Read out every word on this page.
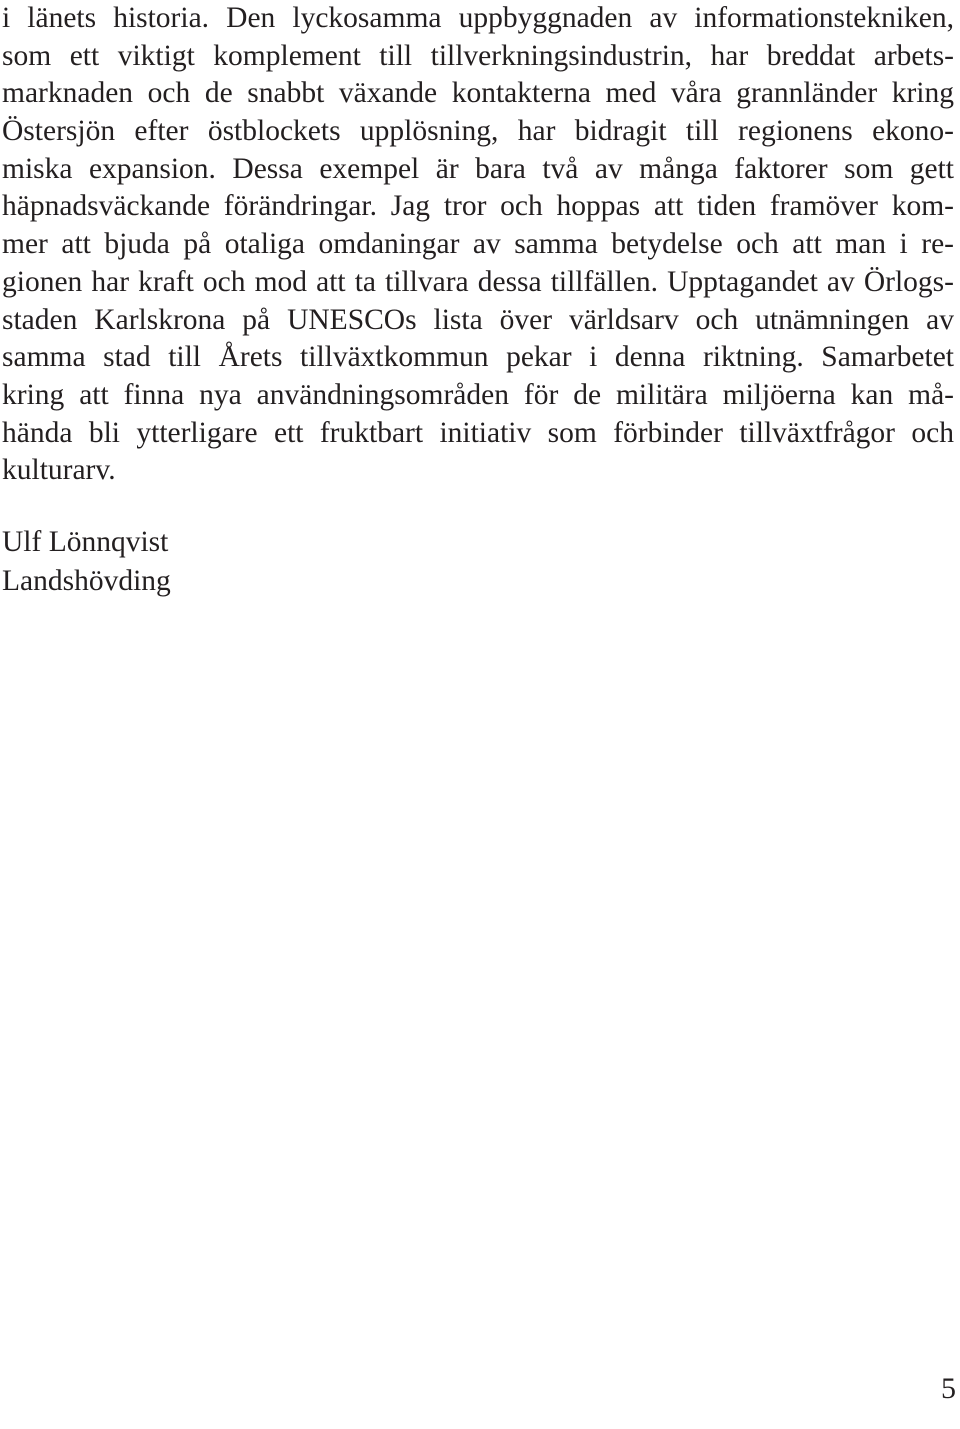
i länets historia. Den lyckosamma uppbyggnaden av informationstekniken,
som ett viktigt komplement till tillverkningsindustrin, har breddat arbets-
marknaden och de snabbt växande kontakterna med våra grannländer kring
Östersjön efter östblockets upplösning, har bidragit till regionens ekono-
miska expansion. Dessa exempel är bara två av många faktorer som gett
häpnadsväckande förändringar. Jag tror och hoppas att tiden framöver kom-
mer att bjuda på otaliga omdaningar av samma betydelse och att man i re-
gionen har kraft och mod att ta tillvara dessa tillfällen. Upptagandet av Örlogs-
staden Karlskrona på UNESCOs lista över världsarv och utnämningen av
samma stad till Årets tillväxtkommun pekar i denna riktning. Samarbetet
kring att finna nya användningsområden för de militära miljöerna kan må-
hända bli ytterligare ett fruktbart initiativ som förbinder tillväxtfrågor och
kulturarv.
Ulf Lönnqvist
Landshövding
5
